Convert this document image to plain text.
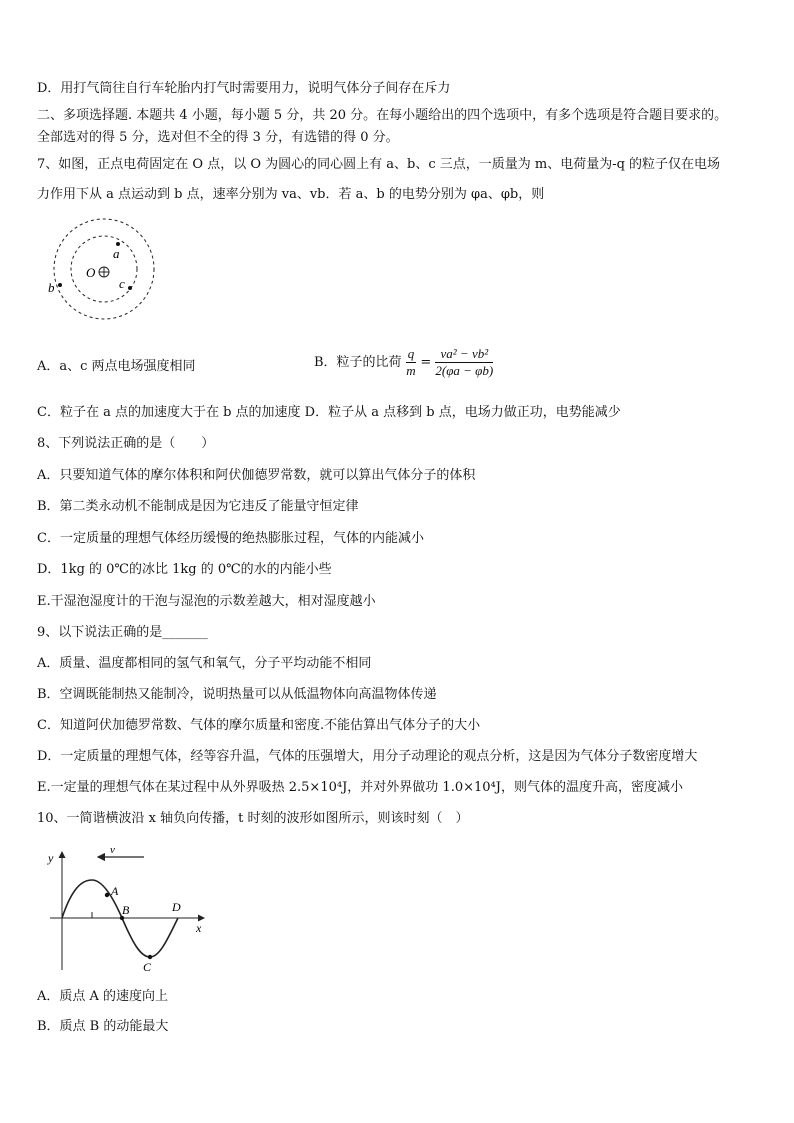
D．用打气筒往自行车轮胎内打气时需要用力，说明气体分子间存在斥力
二、多项选择题. 本题共 4 小题，每小题 5 分，共 20 分。在每小题给出的四个选项中，有多个选项是符合题目要求的。
全部选对的得 5 分，选对但不全的得 3 分，有选错的得 0 分。
7、如图，正点电荷固定在 O 点，以 O 为圆心的同心圆上有 a、b、c 三点，一质量为 m、电荷量为-q 的粒子仅在电场
力作用下从 a 点运动到 b 点，速率分别为 va、vb．若 a、b 的电势分别为 φa、φb，则
O
a
c
b
A．a、c 两点电场强度相同	B．粒子的比荷 $\frac{q}{m} = \frac{\text{va² − vb²}}{2(\varphi a - \varphi b)}$
C．粒子在 a 点的加速度大于在 b 点的加速度 D．粒子从 a 点移到 b 点，电场力做正功，电势能减少
8、下列说法正确的是（　　）
A．只要知道气体的摩尔体积和阿伏伽德罗常数，就可以算出气体分子的体积
B．第二类永动机不能制成是因为它违反了能量守恒定律
C．一定质量的理想气体经历缓慢的绝热膨胀过程，气体的内能减小
D．1kg 的 0℃的冰比 1kg 的 0℃的水的内能小些
E.干湿泡湿度计的干泡与湿泡的示数差越大，相对湿度越小
9、以下说法正确的是_______
A．质量、温度都相同的氢气和氧气，分子平均动能不相同
B．空调既能制热又能制冷，说明热量可以从低温物体向高温物体传递
C．知道阿伏加德罗常数、气体的摩尔质量和密度.不能估算出气体分子的大小
D．一定质量的理想气体，经等容升温，气体的压强增大，用分子动理论的观点分析，这是因为气体分子数密度增大
E.一定量的理想气体在某过程中从外界吸热 2.5×10⁴J，并对外界做功 1.0×10⁴J，则气体的温度升高，密度减小
10、一简谐横波沿 x 轴负向传播，t 时刻的波形如图所示，则该时刻（　）
y
x
v
A
B
C
D
A．质点 A 的速度向上
B．质点 B 的动能最大
